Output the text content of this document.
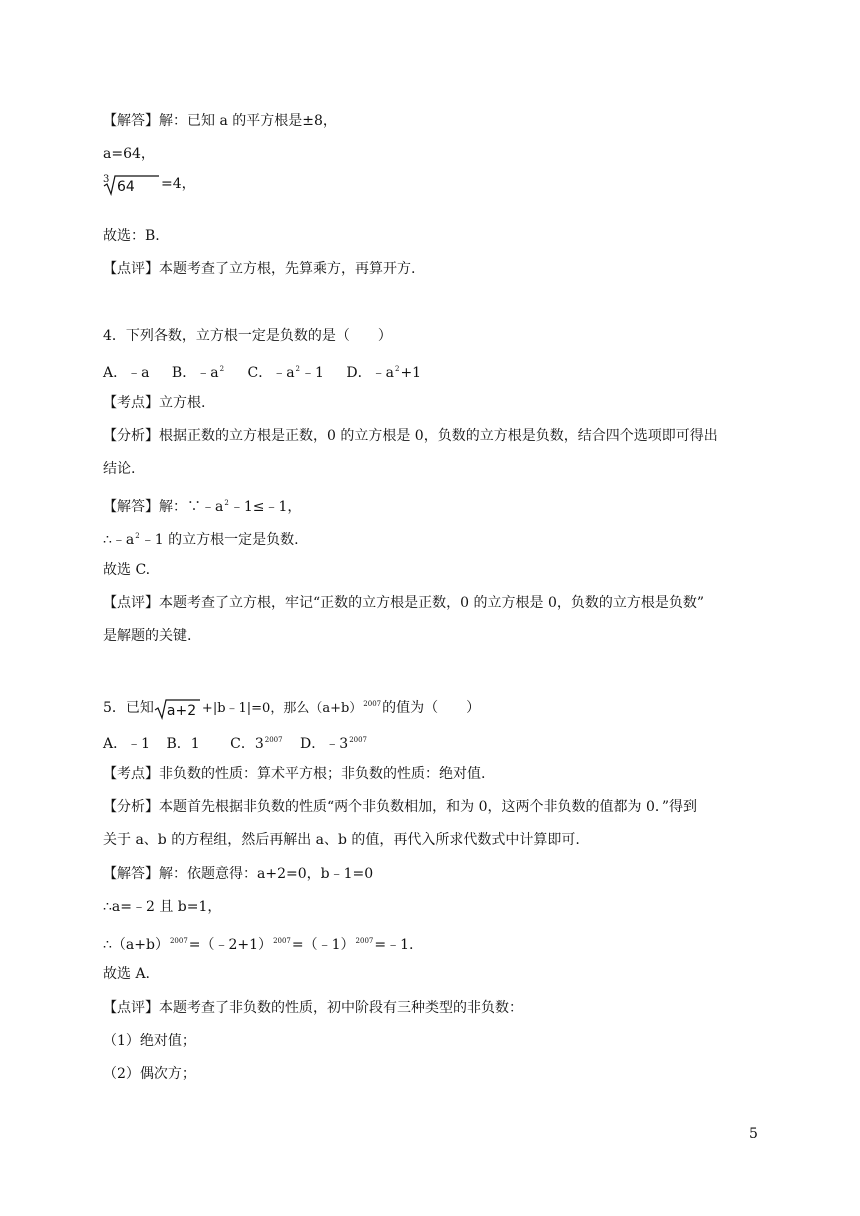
【解答】解：已知 a 的平方根是±8，
a=64，
3 64 =4，
故选：B.
【点评】本题考查了立方根，先算乘方，再算开方.
4．下列各数，立方根一定是负数的是（　　）
A．﹣a B．$﹣a^2$ C．$﹣a^2﹣1$ D．$﹣a^2+1$
【考点】立方根.
【分析】根据正数的立方根是正数，0 的立方根是 0，负数的立方根是负数，结合四个选项即可得出
结论.
【解答】解：$\because﹣a^2﹣1\le﹣1$，
$\therefore﹣a^2﹣1$ 的立方根一定是负数.
故选 C.
【点评】本题考查了立方根，牢记“正数的立方根是正数，0 的立方根是 0，负数的立方根是负数”
是解题的关键.
5．已知 a+2 +|b﹣1|=0，那么$(a+b)^{2007}$的值为（　　）
A．﹣1 B．1 C．$3^{2007}$ D．$﹣3^{2007}$
【考点】非负数的性质：算术平方根；非负数的性质：绝对值.
【分析】本题首先根据非负数的性质“两个非负数相加，和为 0，这两个非负数的值都为 0．”得到
关于 a、b 的方程组，然后再解出 a、b 的值，再代入所求代数式中计算即可.
【解答】解：依题意得：a+2=0，b﹣1=0
∴a=﹣2 且 b=1，
$\therefore(a+b)^{2007}=(﹣2+1)^{2007}=(﹣1)^{2007}=﹣1$.
故选 A.
【点评】本题考查了非负数的性质，初中阶段有三种类型的非负数：
（1）绝对值；
（2）偶次方；
5
